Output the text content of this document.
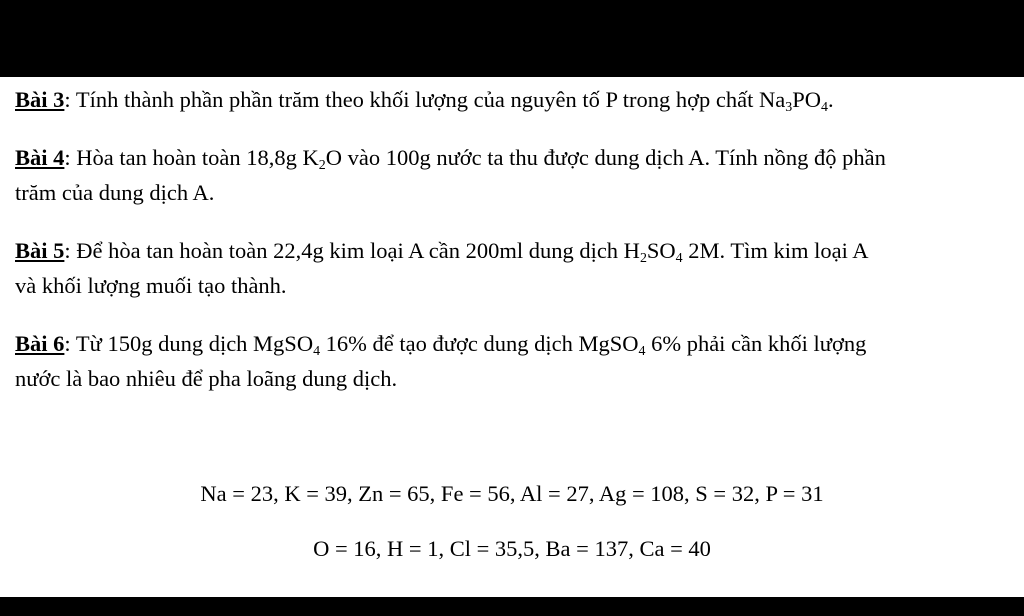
Bài 3: Tính thành phần phần trăm theo khối lượng của nguyên tố P trong hợp chất $Na_3PO_4$.

Bài 4: Hòa tan hoàn toàn 18,8g $K_2O$ vào 100g nước ta thu được dung dịch A. Tính nồng độ phần
trăm của dung dịch A.

Bài 5: Để hòa tan hoàn toàn 22,4g kim loại A cần 200ml dung dịch $H_2SO_4$ 2M. Tìm kim loại A
và khối lượng muối tạo thành.

Bài 6: Từ 150g dung dịch MgSO$_4$ 16% để tạo được dung dịch MgSO$_4$ 6% phải cần khối lượng
nước là bao nhiêu để pha loãng dung dịch.

Na = 23, K = 39, Zn = 65, Fe = 56, Al = 27, Ag = 108, S = 32, P = 31
O = 16, H = 1, Cl = 35,5, Ba = 137, Ca = 40
